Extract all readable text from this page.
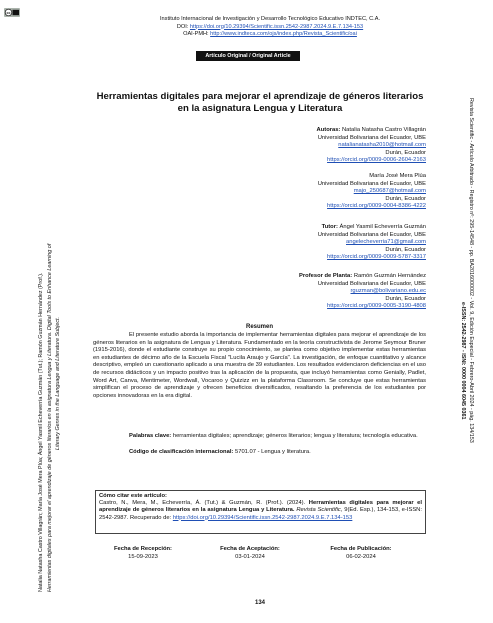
cc
Instituto Internacional de Investigación y Desarrollo Tecnológico Educativo INDTEC, C.A.
DOI: https://doi.org/10.29394/Scientific.issn.2542-2987.2024.9.E.7.134-153
OAI-PMH: http://www.indteca.com/ojs/index.php/Revista_Scientific/oai
Artículo Original / Original Article
Herramientas digitales para mejorar el aprendizaje de géneros literarios en la asignatura Lengua y Literatura
Autoras: Natalia Natasha Castro Villagrán
Universidad Bolivariana del Ecuador, UBE
natalianatasha2010@hotmail.com
Durán, Ecuador
https://orcid.org/0009-0006-2604-2163
María José Mera Plúa
Universidad Bolivariana del Ecuador, UBE
majo_250687@hotmail.com
Durán, Ecuador
https://orcid.org/0009-0004-8386-4222
Tutor: Ángel Yasmil Echeverría Guzmán
Universidad Bolivariana del Ecuador, UBE
angelecheverria71@gmail.com
Durán, Ecuador
https://orcid.org/0009-0009-5787-3317
Profesor de Planta: Ramón Guzmán Hernández
Universidad Bolivariana del Ecuador, UBE
rguzman@bolivariano.edu.ec
Durán, Ecuador
https://orcid.org/0009-0005-3190-4808
Resumen
El presente estudio aborda la importancia de implementar herramientas digitales para mejorar el aprendizaje de los géneros literarios en la asignatura de Lengua y Literatura. Fundamentado en la teoría constructivista de Jerome Seymour Bruner (1915-2016), donde el estudiante construye su propio conocimiento, se plantea como objetivo implementar estas herramientas en estudiantes de décimo año de la Escuela Fiscal "Lucila Araujo y García". La investigación, de enfoque cuantitativo y alcance descriptivo, empleó un cuestionario aplicado a una muestra de 39 estudiantes. Los resultados evidenciaron deficiencias en el uso de recursos didácticos y un impacto positivo tras la aplicación de la propuesta, que incluyó herramientas como Genially, Padlet, Word Art, Canva, Mentimeter, Wordwall, Vocaroo y Quizizz en la plataforma Classroom. Se concluye que estas herramientas simplifican el proceso de aprendizaje y ofrecen beneficios diversificados, resaltando la preferencia de los estudiantes por opciones innovadoras en la era digital.
Palabras clave: herramientas digitales; aprendizaje; géneros literarios; lengua y literatura; tecnología educativa.
Código de clasificación internacional: 5701.07 - Lengua y literatura.
Cómo citar este artículo:
Castro, N., Mera, M., Echeverría, Á. (Tut.) & Guzmán, R. (Prof.). (2024). Herramientas digitales para mejorar el aprendizaje de géneros literarios en la asignatura Lengua y Literatura. Revista Scientific, 9(Ed. Esp.), 134-153, e-ISSN: 2542-2987. Recuperado de: https://doi.org/10.29394/Scientific.issn.2542-2987.2024.9.E.7.134-153
Fecha de Recepción:
15-09-2023
Fecha de Aceptación:
03-01-2024
Fecha de Publicación:
06-02-2024
134
Natalia Natasha Castro Villagrán; María José Mera Plúa; Ángel Yasmil Echeverría Guzmán (Tut.); Ramón Guzmán Hernández (Prof.). Herramientas digitales para mejorar el aprendizaje de géneros literarios en la asignatura Lengua y Literatura. Digital Tools to Enhance Learning of Literary Genres in the Language and Literature Subject.	Revista Scientific - Artículo Arbitrado - Registro nº: 295-14548 - pp. BA2016000002 - Vol. 9, Edición Especial - Febrero-Abril 2024 - pág. 134/153
e-ISSN: 2542-2987 - ISNI: 0000 0004 6045 0361
